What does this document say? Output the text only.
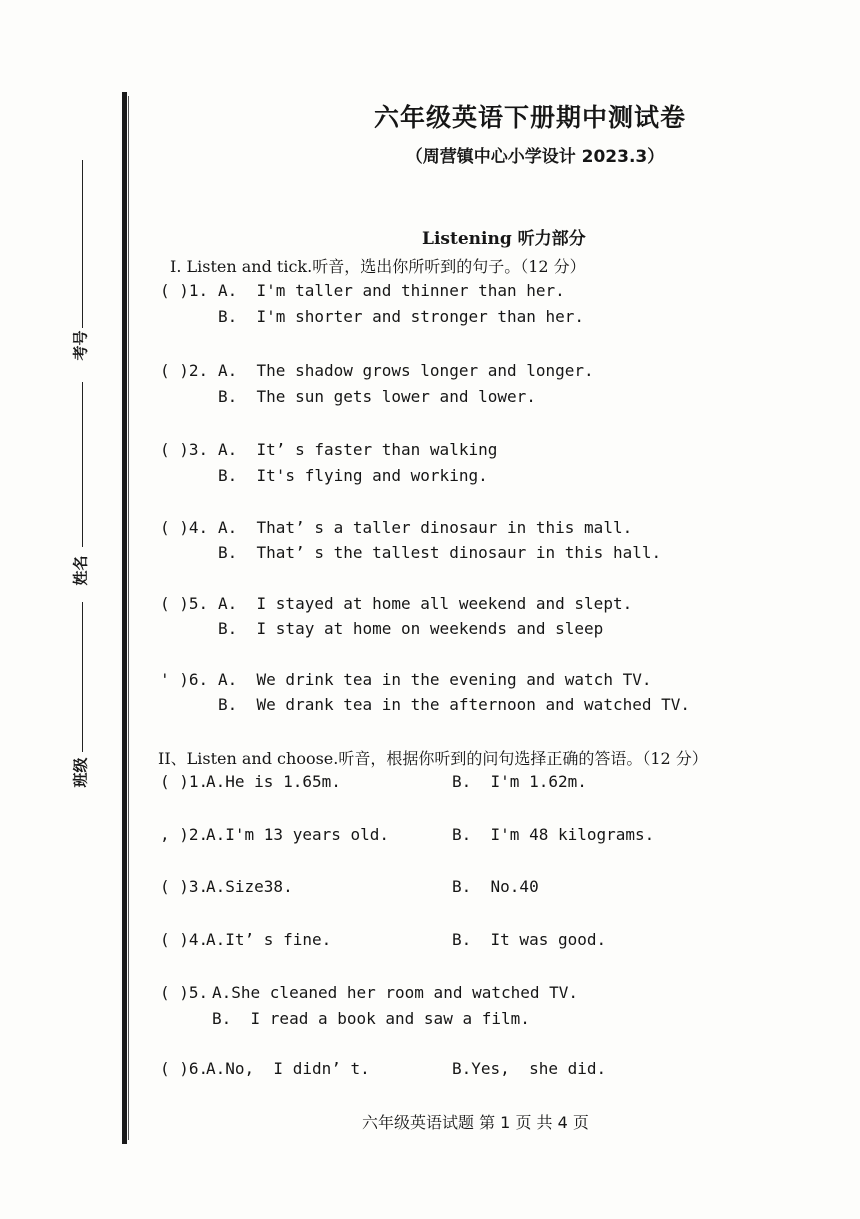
考号
姓名
班级
六年级英语下册期中测试卷
（周营镇中心小学设计 2023.3）
Listening 听力部分
I. Listen and tick.听音，选出你所听到的句子。（12 分）
( )1. A.  I'm taller and thinner than her.
B.  I'm shorter and stronger than her.
( )2. A.  The shadow grows longer and longer.
B.  The sun gets lower and lower.
( )3. A.  It’ s faster than walking
B.  It's flying and working.
( )4. A.  That’ s a taller dinosaur in this mall.
B.  That’ s the tallest dinosaur in this hall.
( )5. A.  I stayed at home all weekend and slept.
B.  I stay at home on weekends and sleep
' )6. A.  We drink tea in the evening and watch TV.
B.  We drank tea in the afternoon and watched TV.
II、Listen and choose.听音，根据你听到的问句选择正确的答语。（12 分）
( )1.
A.He is 1.65m.	B.  I'm 1.62m.
, )2.
A.I'm 13 years old.	B.  I'm 48 kilograms.
( )3.
A.Size38.	B.  No.40
( )4.
A.It’ s fine.	B.  It was good.
( )5. A.She cleaned her room and watched TV.
B.  I read a book and saw a film.
( )6.
A.No,  I didn’ t.	B.Yes,  she did.
六年级英语试题 第 1 页 共 4 页
